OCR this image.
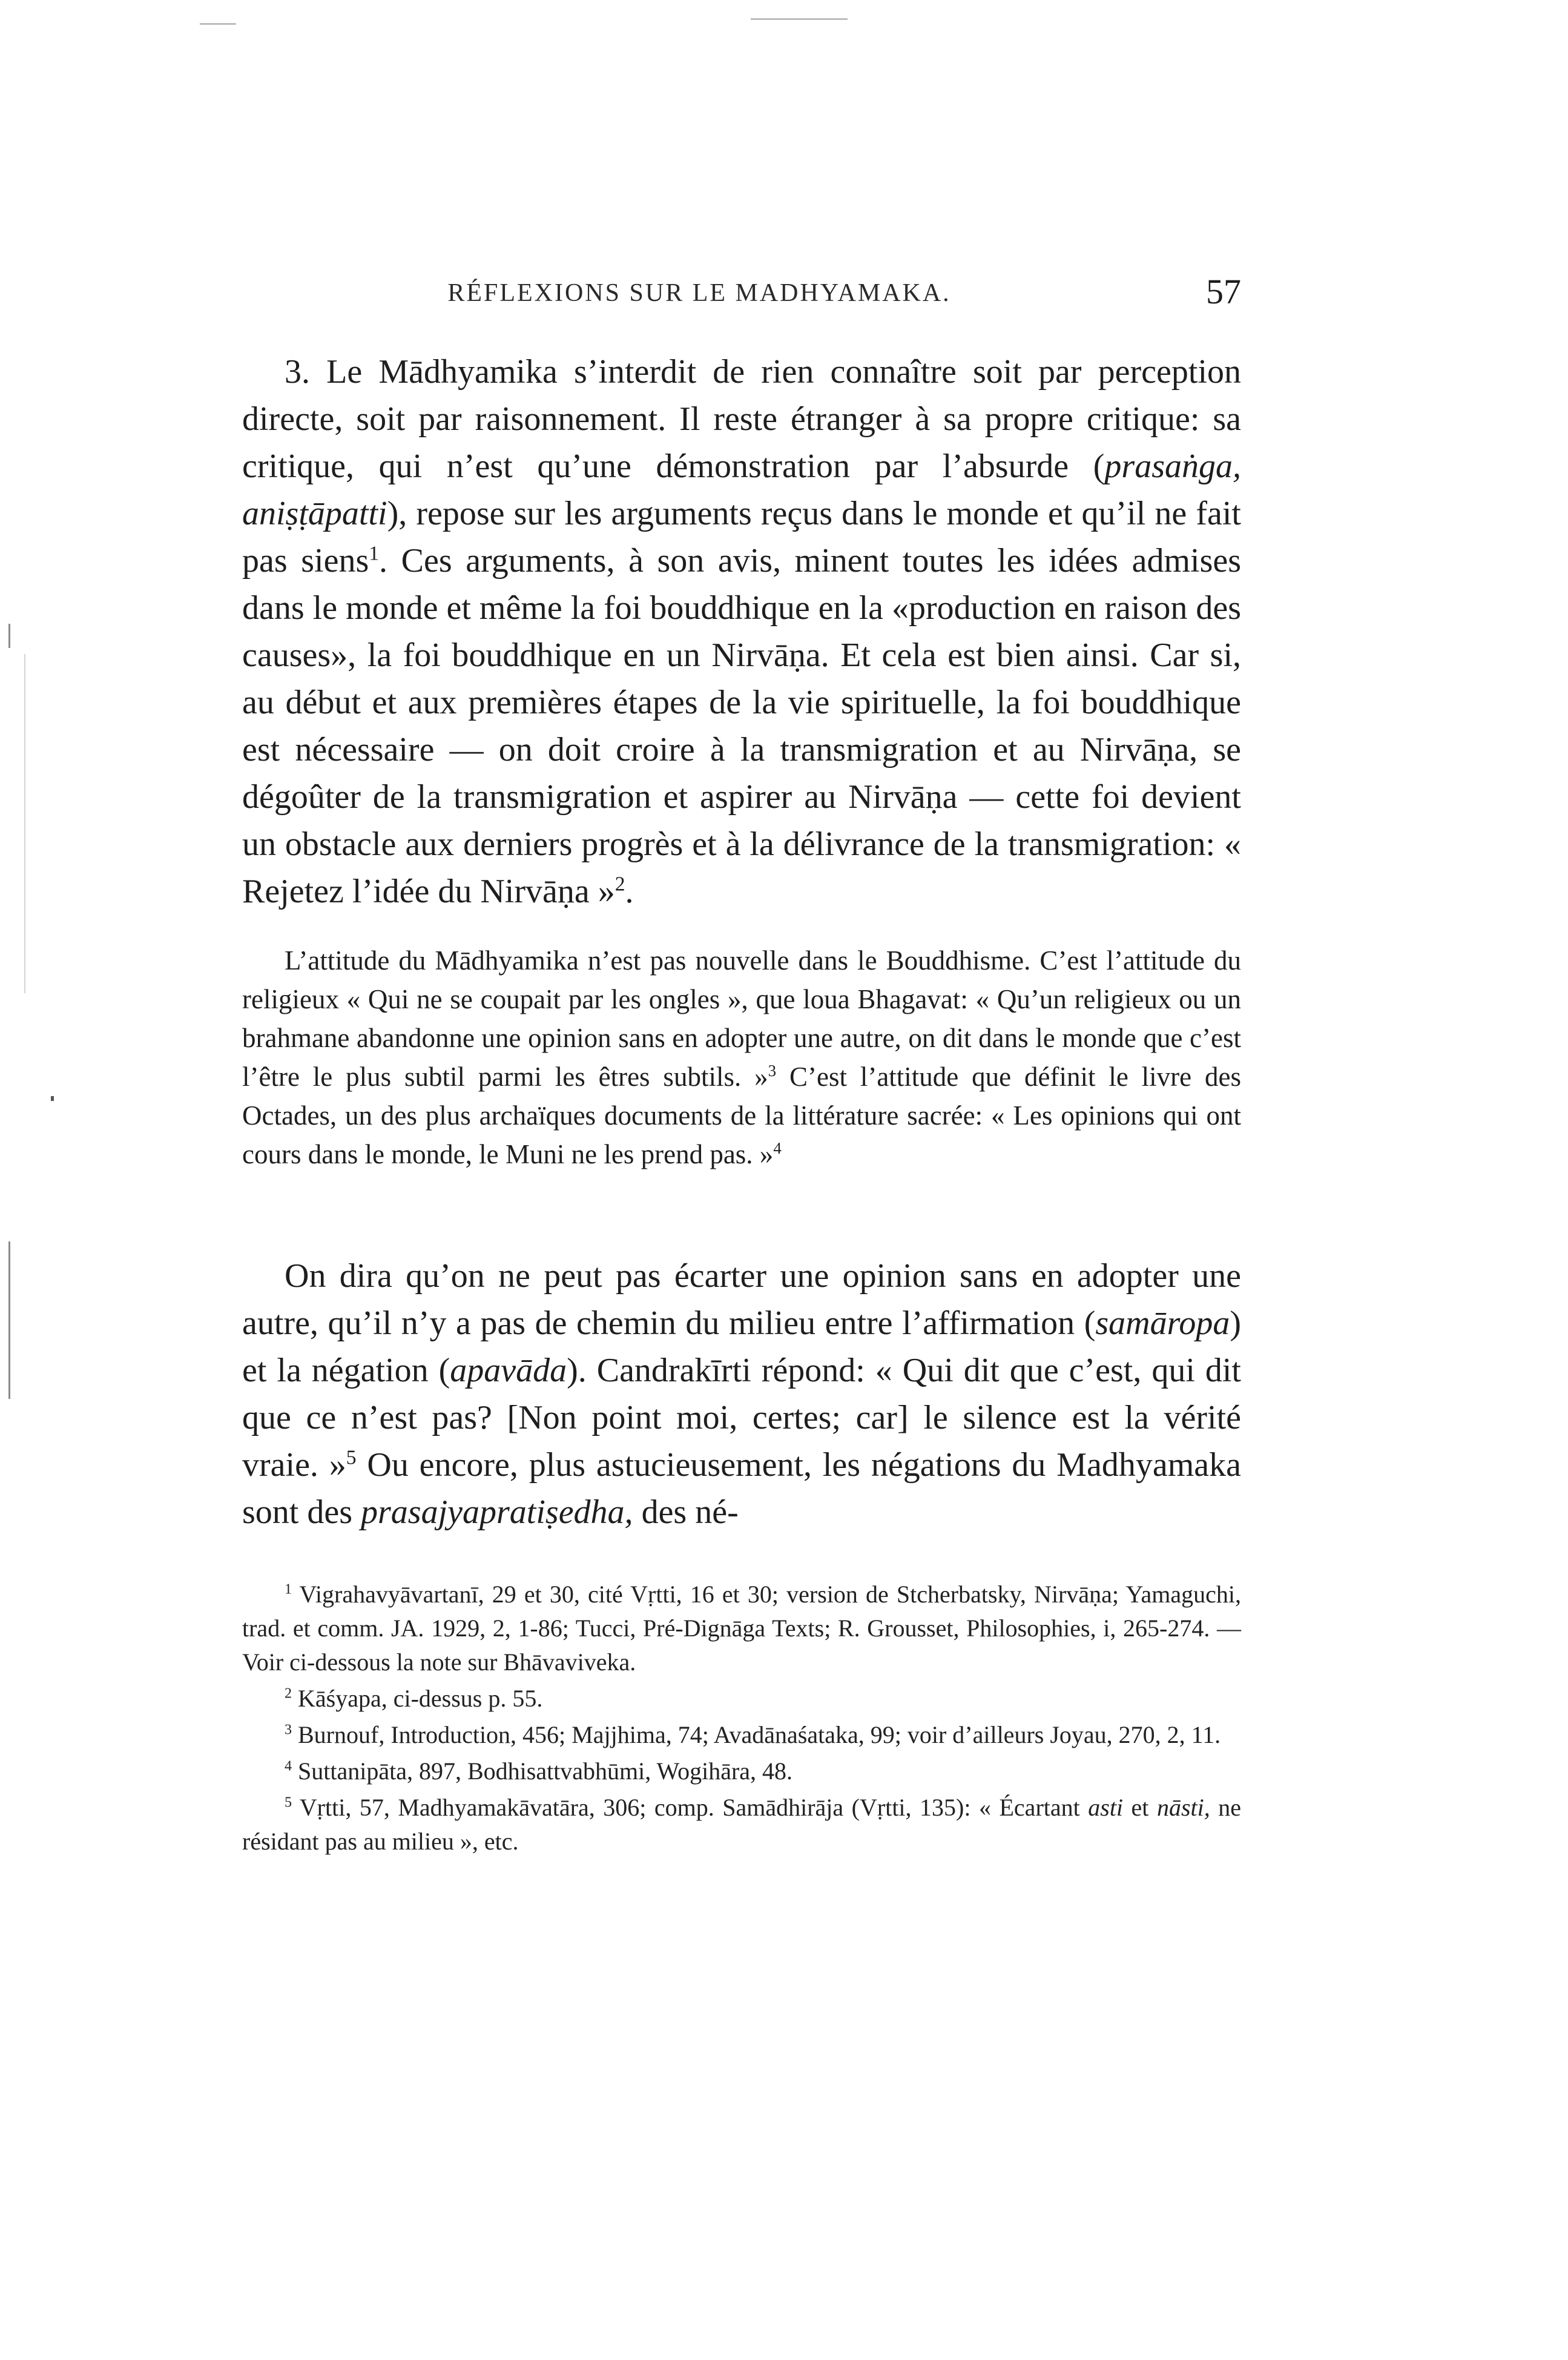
RÉFLEXIONS SUR LE MADHYAMAKA.	57

3. Le Mādhyamika s’interdit de rien connaître soit par perception directe, soit par raisonnement. Il reste étranger à sa propre critique: sa critique, qui n’est qu’une démonstration par l’absurde (prasaṅga, aniṣṭāpatti), repose sur les arguments reçus dans le monde et qu’il ne fait pas siens$^1$. Ces arguments, à son avis, minent toutes les idées admises dans le monde et même la foi bouddhique en la «production en raison des causes», la foi bouddhique en un Nirvāṇa. Et cela est bien ainsi. Car si, au début et aux premières étapes de la vie spirituelle, la foi bouddhique est nécessaire — on doit croire à la transmigration et au Nirvāṇa, se dégoûter de la transmigration et aspirer au Nirvāṇa — cette foi devient un obstacle aux derniers progrès et à la délivrance de la transmigration: « Rejetez l’idée du Nirvāṇa »$^2$.

L’attitude du Mādhyamika n’est pas nouvelle dans le Bouddhisme. C’est l’attitude du religieux « Qui ne se coupait par les ongles », que loua Bhagavat: « Qu’un religieux ou un brahmane abandonne une opinion sans en adopter une autre, on dit dans le monde que c’est l’être le plus subtil parmi les êtres subtils. »$^3$ C’est l’attitude que définit le livre des Octades, un des plus archaïques documents de la littérature sacrée: « Les opinions qui ont cours dans le monde, le Muni ne les prend pas. »$^4$

On dira qu’on ne peut pas écarter une opinion sans en adopter une autre, qu’il n’y a pas de chemin du milieu entre l’affirmation (samāropa) et la négation (apavāda). Candrakīrti répond: « Qui dit que c’est, qui dit que ce n’est pas? [Non point moi, certes; car] le silence est la vérité vraie. »$^5$ Ou encore, plus astucieusement, les négations du Madhyamaka sont des prasajyapratiṣedha, des né-

$^1$ Vigrahavyāvartanī, 29 et 30, cité Vṛtti, 16 et 30; version de Stcherbatsky, Nirvāṇa; Yamaguchi, trad. et comm. JA. 1929, 2, 1-86; Tucci, Pré-Dignāga Texts; R. Grousset, Philosophies, i, 265-274. — Voir ci-dessous la note sur Bhāvaviveka.

$^2$ Kāśyapa, ci-dessus p. 55.

$^3$ Burnouf, Introduction, 456; Majjhima, 74; Avadānaśataka, 99; voir d’ailleurs Joyau, 270, 2, 11.

$^4$ Suttanipāta, 897, Bodhisattvabhūmi, Wogihāra, 48.

$^5$ Vṛtti, 57, Madhyamakāvatāra, 306; comp. Samādhirāja (Vṛtti, 135): « Écartant asti et nāsti, ne résidant pas au milieu », etc.
